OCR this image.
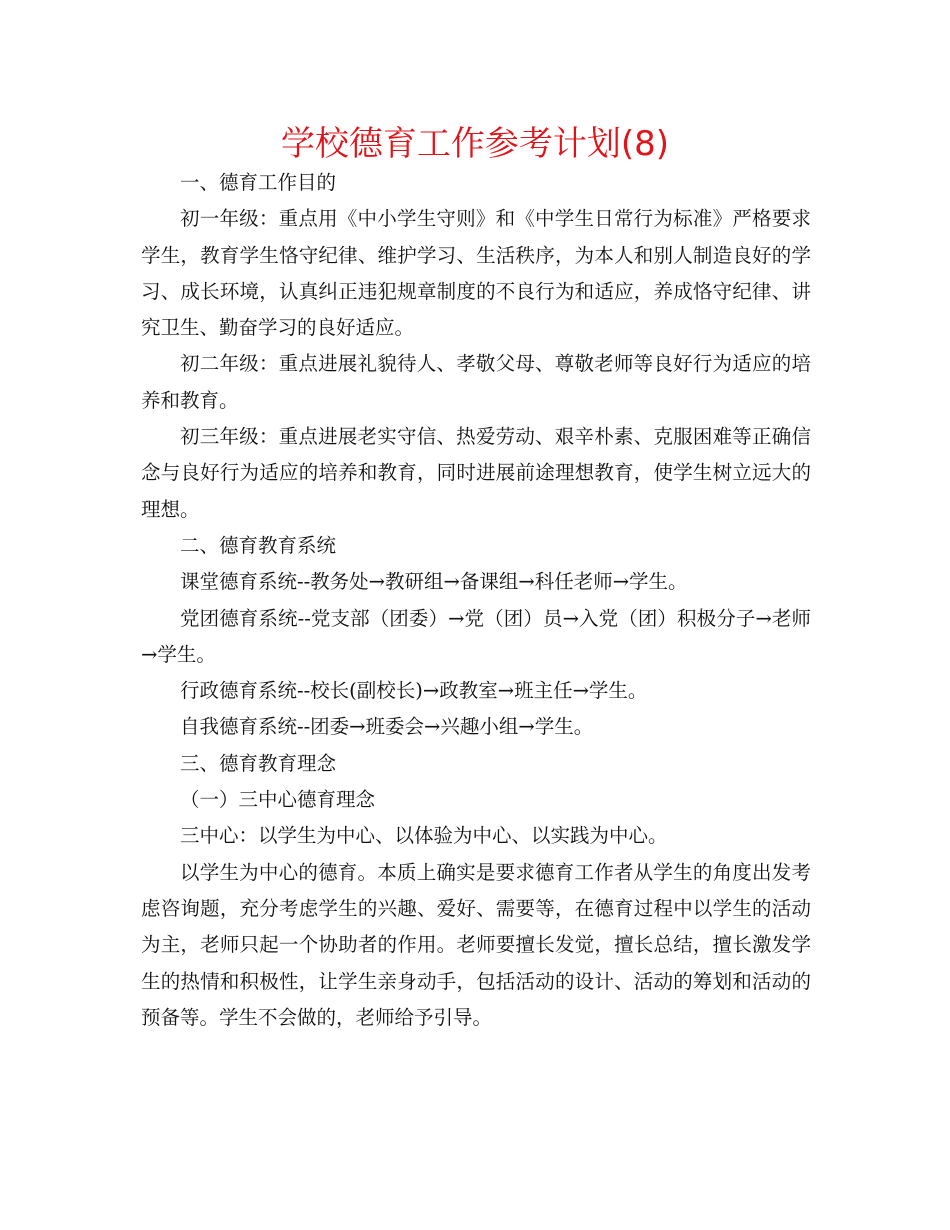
学校德育工作参考计划(8)

一、德育工作目的

初一年级：重点用《中小学生守则》和《中学生日常行为标准》严格要求学生，教育学生恪守纪律、维护学习、生活秩序，为本人和别人制造良好的学习、成长环境，认真纠正违犯规章制度的不良行为和适应，养成恪守纪律、讲究卫生、勤奋学习的良好适应。

初二年级：重点进展礼貌待人、孝敬父母、尊敬老师等良好行为适应的培养和教育。

初三年级：重点进展老实守信、热爱劳动、艰辛朴素、克服困难等正确信念与良好行为适应的培养和教育，同时进展前途理想教育，使学生树立远大的理想。

二、德育教育系统

课堂德育系统--教务处→教研组→备课组→科任老师→学生。

党团德育系统--党支部（团委）→党（团）员→入党（团）积极分子→老师→学生。

行政德育系统--校长(副校长)→政教室→班主任→学生。

自我德育系统--团委→班委会→兴趣小组→学生。

三、德育教育理念

（一）三中心德育理念

三中心：以学生为中心、以体验为中心、以实践为中心。

以学生为中心的德育。本质上确实是要求德育工作者从学生的角度出发考虑咨询题，充分考虑学生的兴趣、爱好、需要等，在德育过程中以学生的活动为主，老师只起一个协助者的作用。老师要擅长发觉，擅长总结，擅长激发学生的热情和积极性，让学生亲身动手，包括活动的设计、活动的筹划和活动的预备等。学生不会做的，老师给予引导。
